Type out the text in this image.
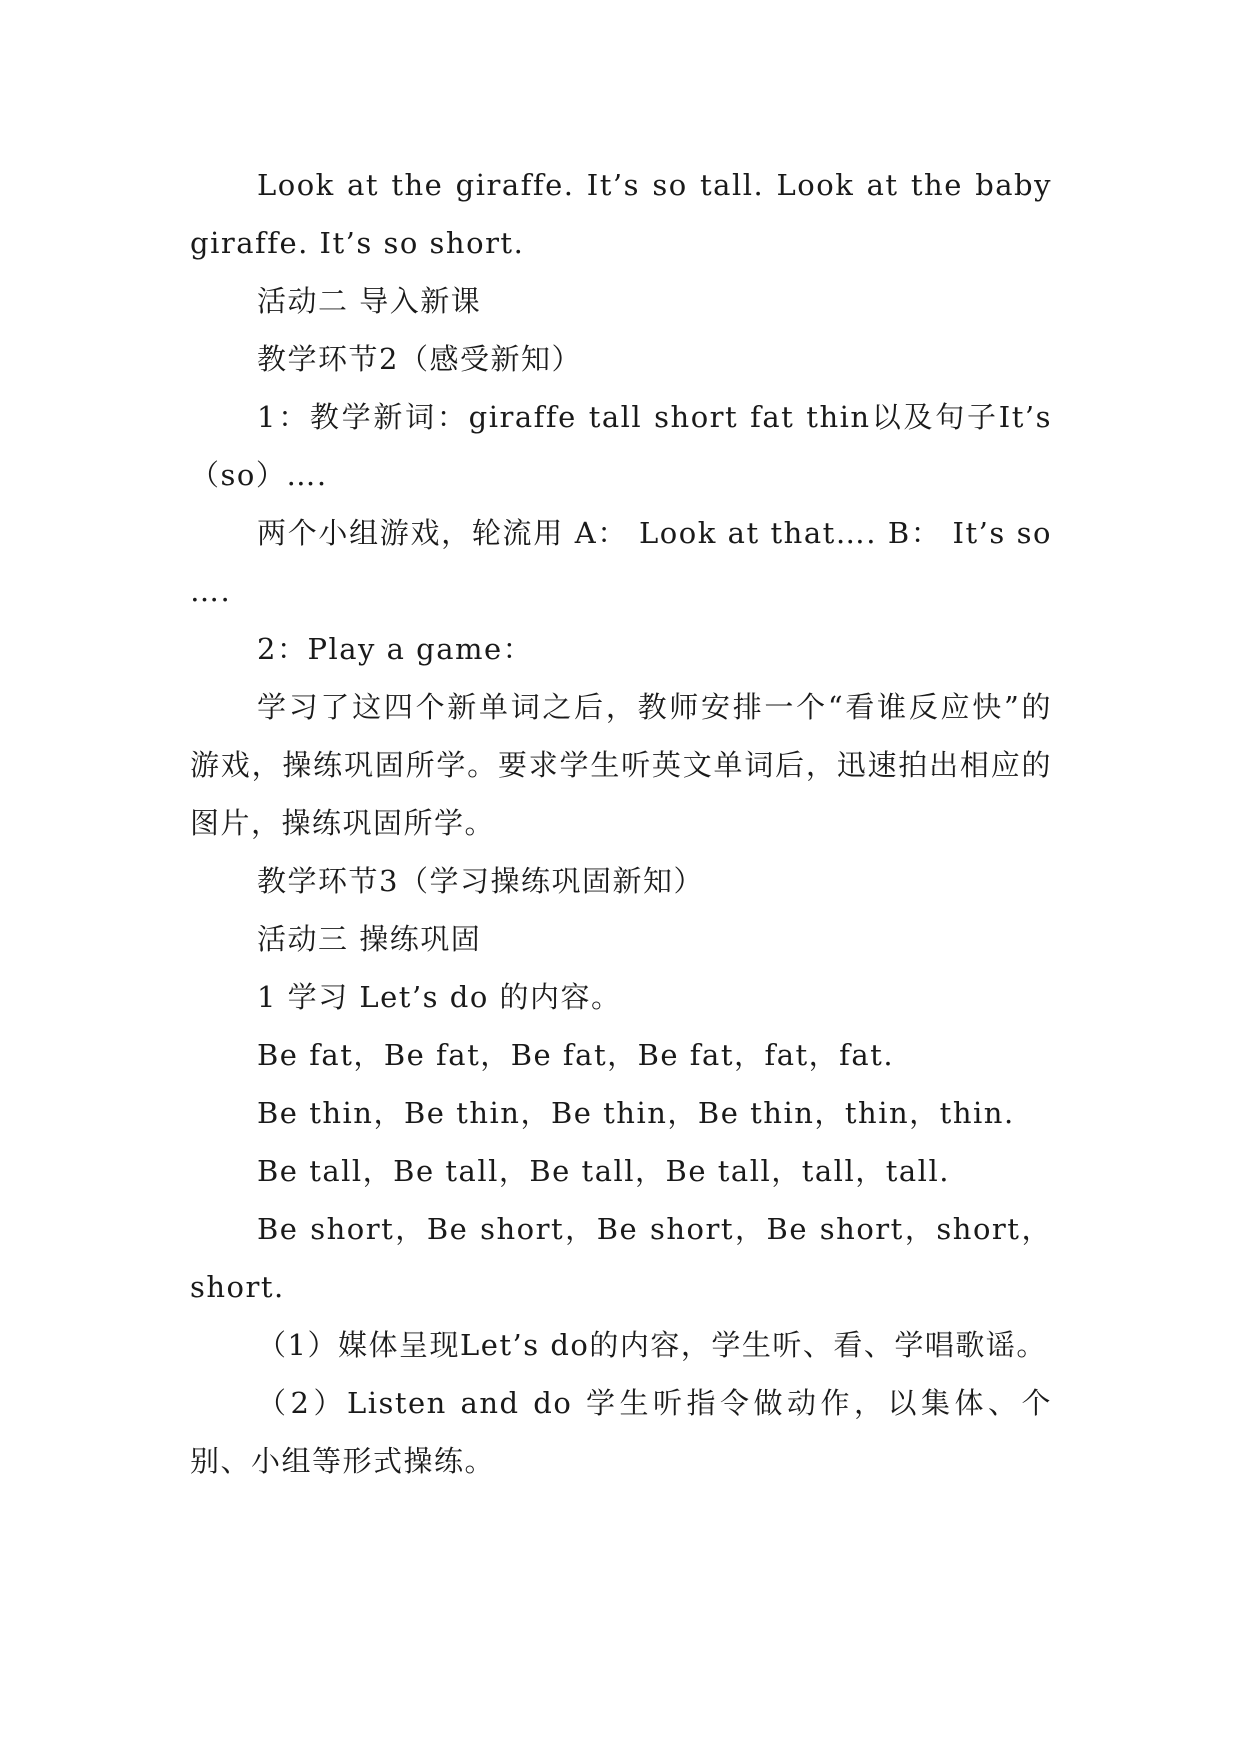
Look at the giraffe. It’s so tall. Look at the baby giraffe. It’s so short.

活动二 导入新课

教学环节2（感受新知）

1：教学新词：giraffe tall short fat thin以及句子It’s（so）….

两个小组游戏，轮流用 A： Look at that…. B： It’s so ….

2：Play a game：

学习了这四个新单词之后，教师安排一个“看谁反应快”的游戏，操练巩固所学。要求学生听英文单词后，迅速拍出相应的图片，操练巩固所学。

教学环节3（学习操练巩固新知）

活动三 操练巩固

1 学习 Let’s do 的内容。

Be fat，Be fat，Be fat，Be fat，fat，fat.

Be thin，Be thin，Be thin，Be thin，thin，thin.

Be tall，Be tall，Be tall，Be tall，tall，tall.

Be short，Be short，Be short，Be short，short，short.

（1）媒体呈现Let’s do的内容，学生听、看、学唱歌谣。

（2）Listen and do 学生听指令做动作，以集体、个别、小组等形式操练。
